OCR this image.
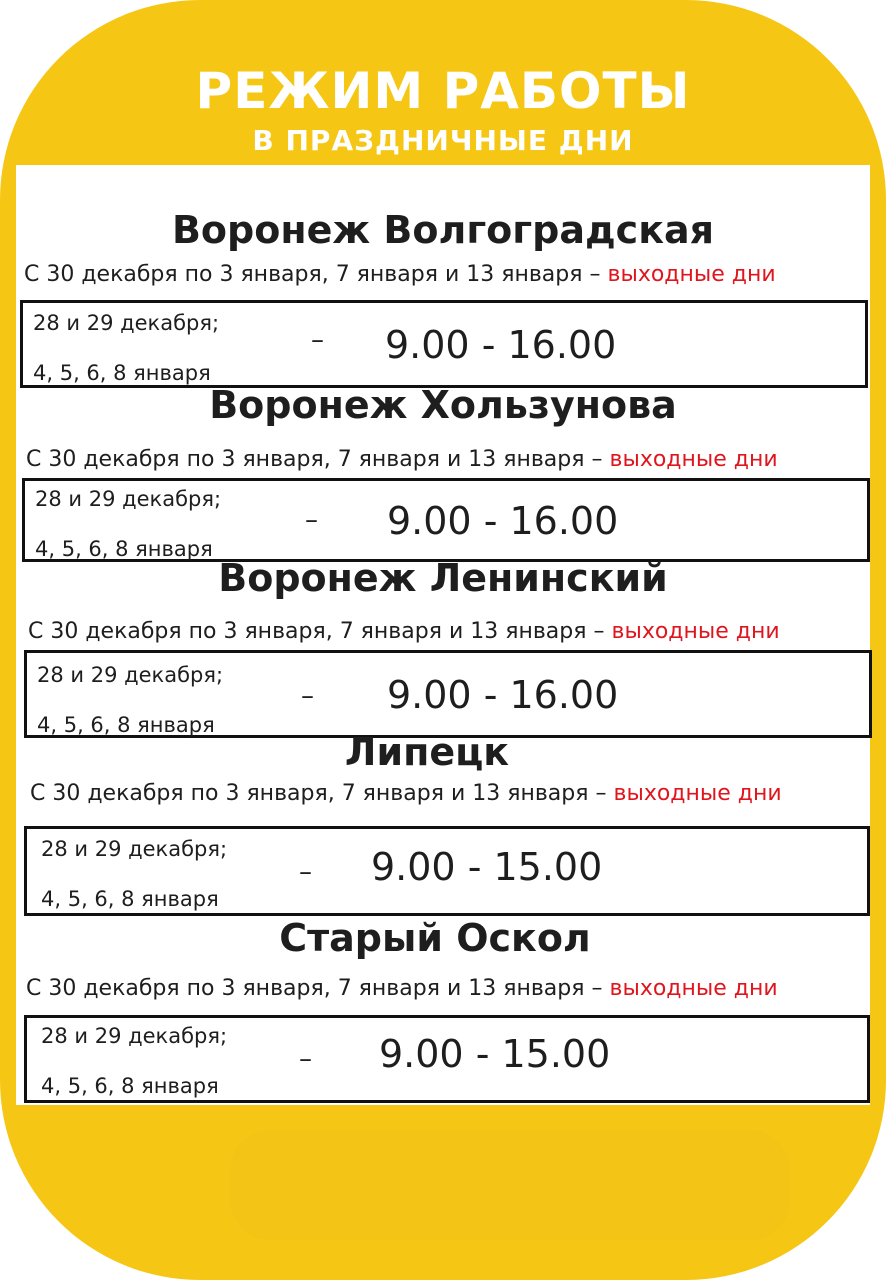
РЕЖИМ РАБОТЫ
В ПРАЗДНИЧНЫЕ ДНИ
Воронеж Волгоградская
С 30 декабря по 3 января, 7 января и 13 января – выходные дни
28 и 29 декабря;
4, 5, 6, 8 января
– 9.00 - 16.00
Воронеж Хользунова
С 30 декабря по 3 января, 7 января и 13 января – выходные дни
28 и 29 декабря;
4, 5, 6, 8 января
– 9.00 - 16.00
Воронеж Ленинский
С 30 декабря по 3 января, 7 января и 13 января – выходные дни
28 и 29 декабря;
4, 5, 6, 8 января
– 9.00 - 16.00
Липецк
С 30 декабря по 3 января, 7 января и 13 января – выходные дни
28 и 29 декабря;
4, 5, 6, 8 января
– 9.00 - 15.00
Старый Оскол
С 30 декабря по 3 января, 7 января и 13 января – выходные дни
28 и 29 декабря;
4, 5, 6, 8 января
– 9.00 - 15.00
